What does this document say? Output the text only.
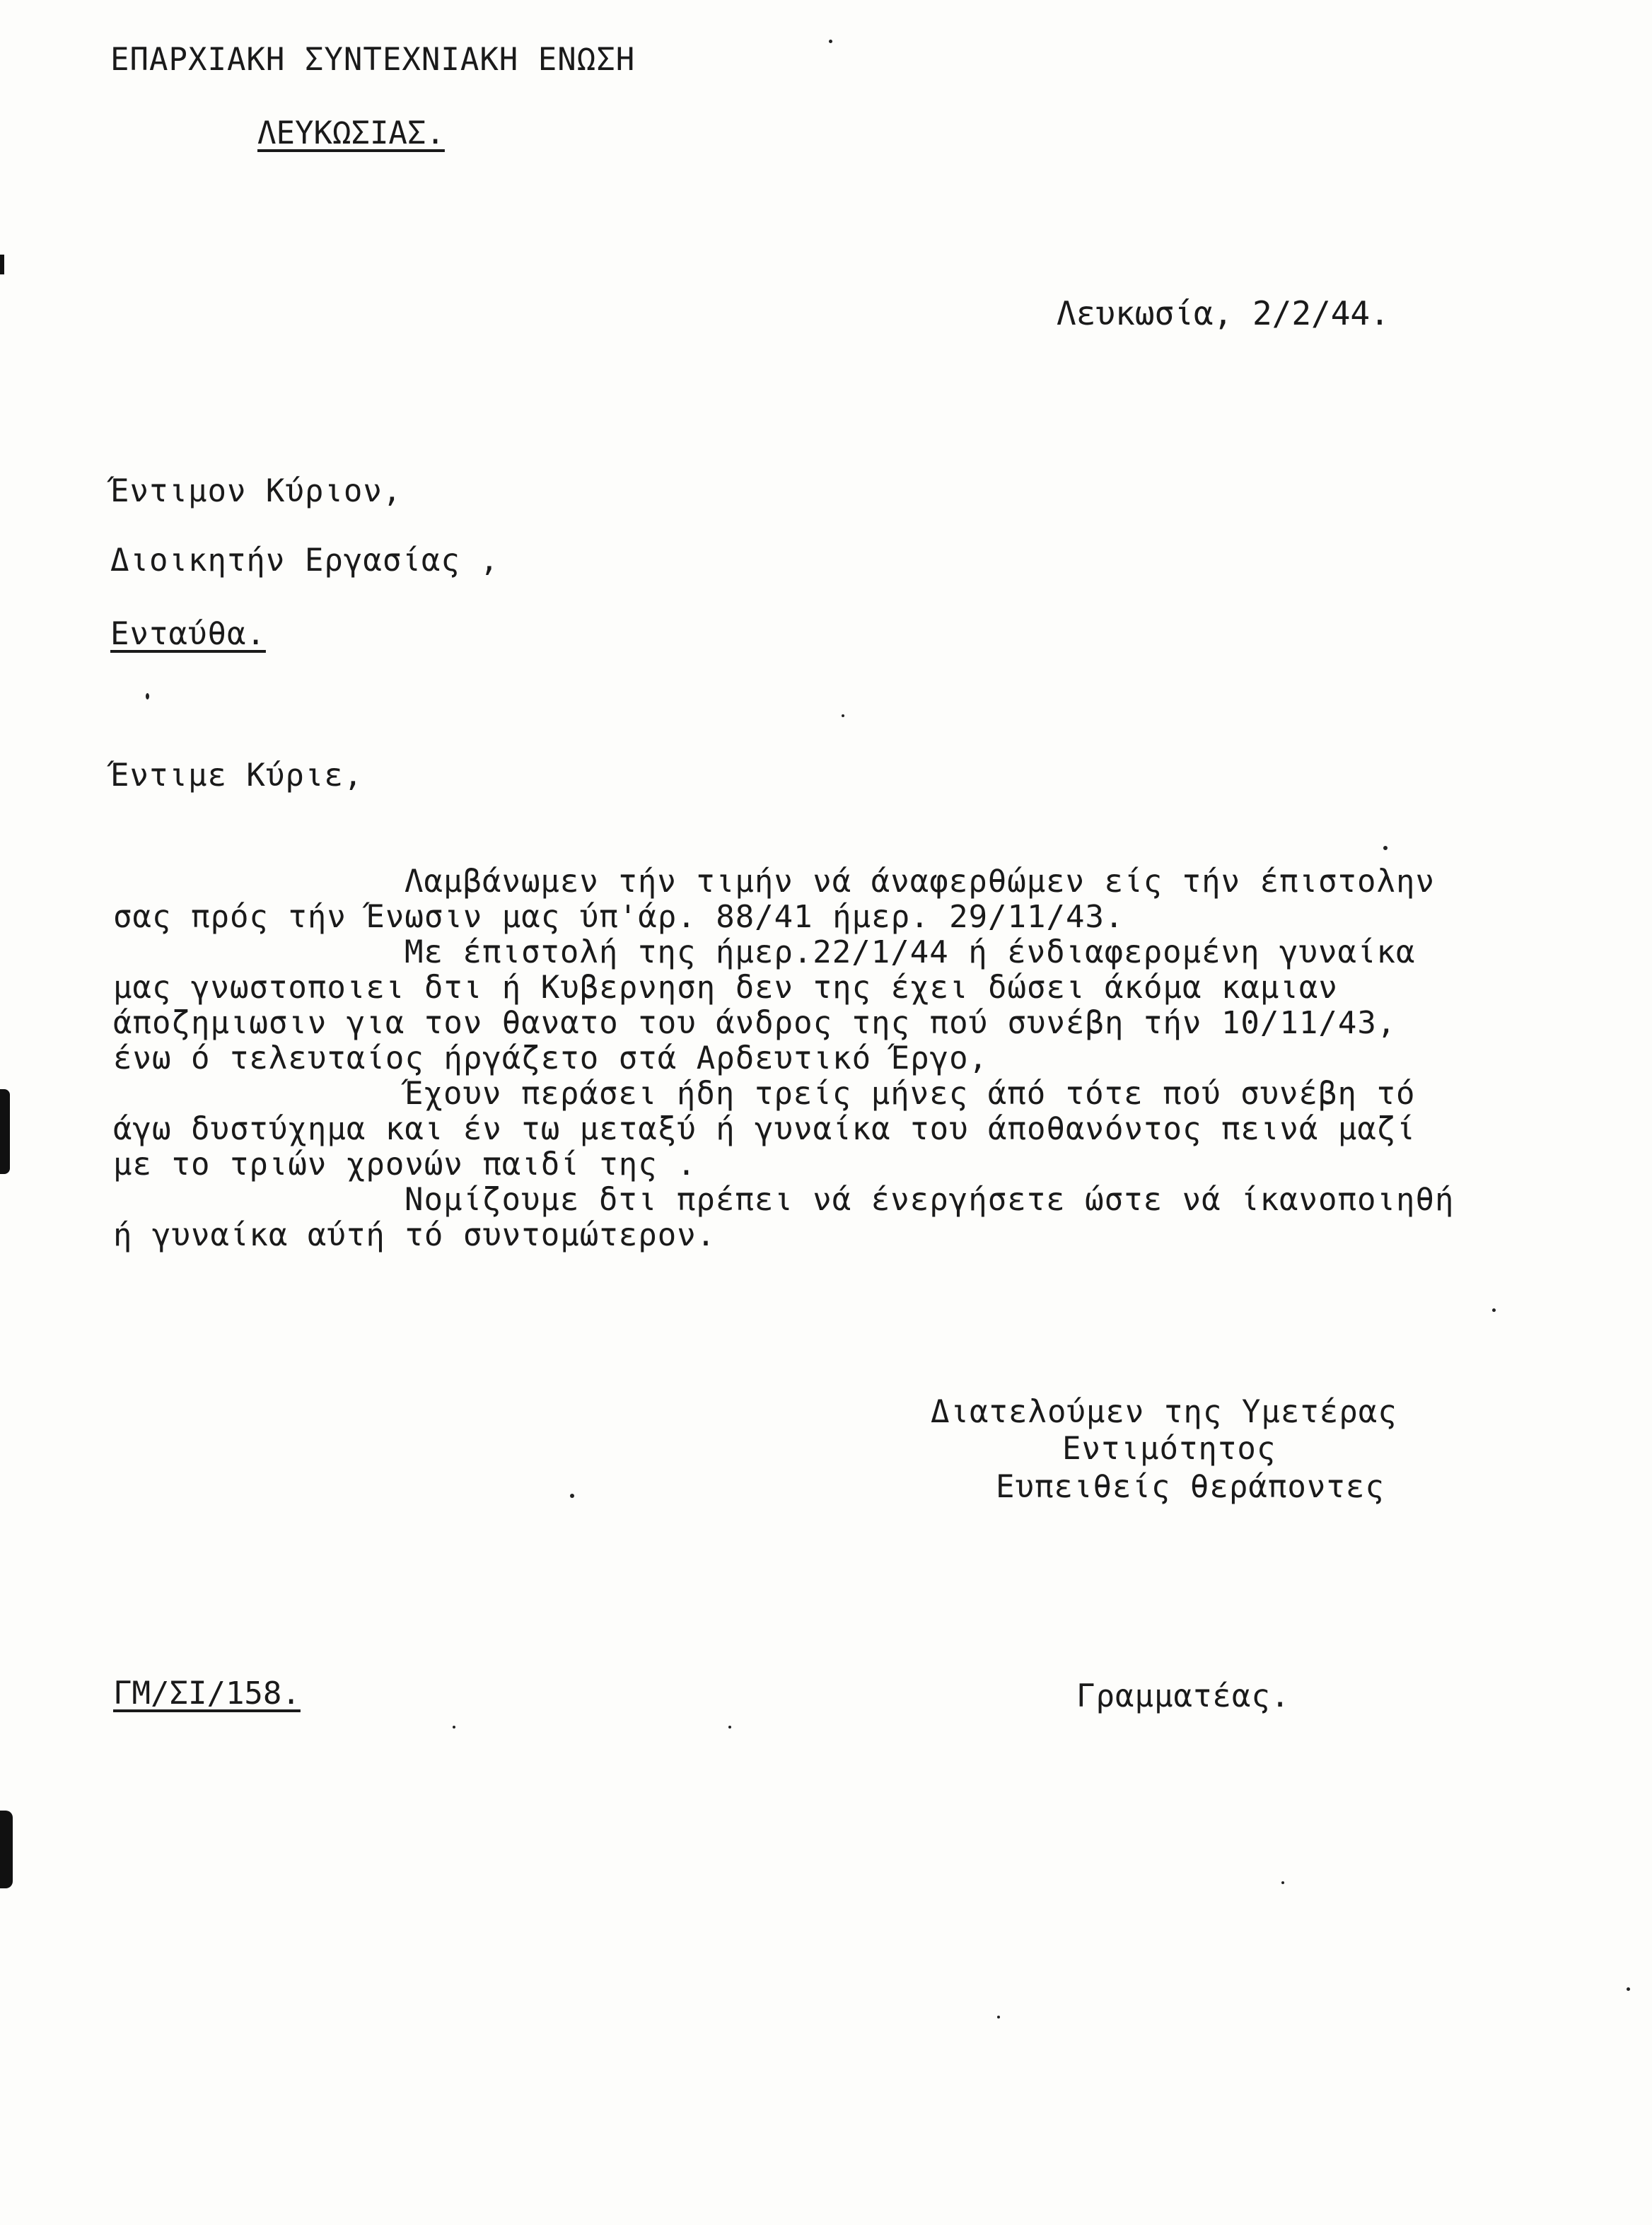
ΕΠΑΡΧΙΑΚΗ ΣΥΝΤΕΧΝΙΑΚΗ ΕΝΩΣΗ
ΛΕΥΚΩΣΙΑΣ.
Λευκωσία, 2/2/44.
Έντιμον Κύριον,
Διοικητήν Εργασίας ,
Ενταύθα.
Έντιμε Κύριε,
Λαμβάνωμεν τήν τιμήν νά άναφερθώμεν είς τήν έπιστολην
σας πρός τήν Ένωσιν μας ύπ'άρ. 88/41 ήμερ. 29/11/43.
Με έπιστολή της ήμερ.22/1/44 ή ένδιαφερομένη γυναίκα
μας γνωστοποιει δτι ή Κυβερνηση δεν της έχει δώσει άκόμα καμιαν
άποζημιωσιν για τον θανατο του άνδρος της πού συνέβη τήν 10/11/43,
ένω ό τελευταίος ήργάζετο στά Αρδευτικό Έργο,
Έχουν περάσει ήδη τρείς μήνες άπό τότε πού συνέβη τό
άγω δυστύχημα και έν τω μεταξύ ή γυναίκα του άποθανόντος πεινά μαζί
με το τριών χρονών παιδί της .
Νομίζουμε δτι πρέπει νά ένεργήσετε ώστε νά ίκανοποιηθή
ή γυναίκα αύτή τό συντομώτερον.
Διατελούμεν της Υμετέρας
Εντιμότητος
Ευπειθείς θεράποντες
ΓΜ/ΣΙ/158.	Γραμματέας.
